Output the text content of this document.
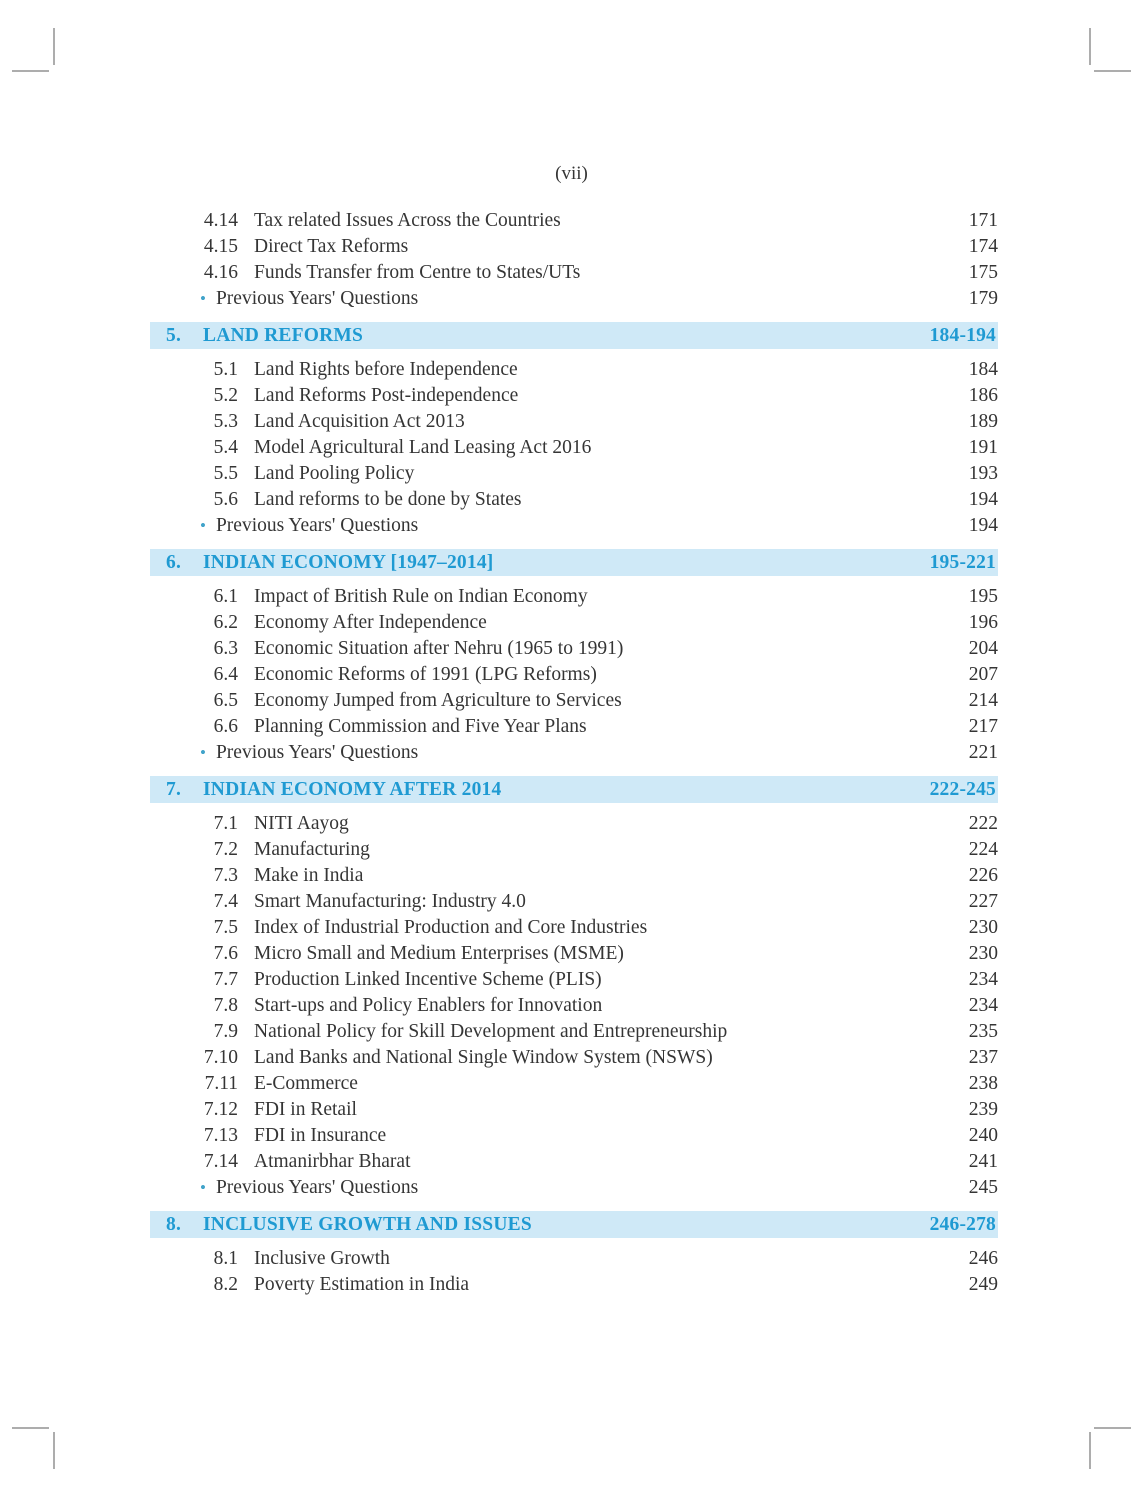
(vii)
4.14 Tax related Issues Across the Countries	171
4.15 Direct Tax Reforms	174
4.16 Funds Transfer from Centre to States/UTs	175
• Previous Years' Questions	179
5.	LAND REFORMS	184-194
5.1 Land Rights before Independence	184
5.2 Land Reforms Post-independence	186
5.3 Land Acquisition Act 2013	189
5.4 Model Agricultural Land Leasing Act 2016	191
5.5 Land Pooling Policy	193
5.6 Land reforms to be done by States	194
• Previous Years' Questions	194
6.	INDIAN ECONOMY [1947–2014]	195-221
6.1 Impact of British Rule on Indian Economy	195
6.2 Economy After Independence	196
6.3 Economic Situation after Nehru (1965 to 1991)	204
6.4 Economic Reforms of 1991 (LPG Reforms)	207
6.5 Economy Jumped from Agriculture to Services	214
6.6 Planning Commission and Five Year Plans	217
• Previous Years' Questions	221
7.	INDIAN ECONOMY AFTER 2014	222-245
7.1 NITI Aayog	222
7.2 Manufacturing	224
7.3 Make in India	226
7.4 Smart Manufacturing: Industry 4.0	227
7.5 Index of Industrial Production and Core Industries	230
7.6 Micro Small and Medium Enterprises (MSME)	230
7.7 Production Linked Incentive Scheme (PLIS)	234
7.8 Start-ups and Policy Enablers for Innovation	234
7.9 National Policy for Skill Development and Entrepreneurship	235
7.10 Land Banks and National Single Window System (NSWS)	237
7.11 E-Commerce	238
7.12 FDI in Retail	239
7.13 FDI in Insurance	240
7.14 Atmanirbhar Bharat	241
• Previous Years' Questions	245
8.	INCLUSIVE GROWTH AND ISSUES	246-278
8.1 Inclusive Growth	246
8.2 Poverty Estimation in India	249
